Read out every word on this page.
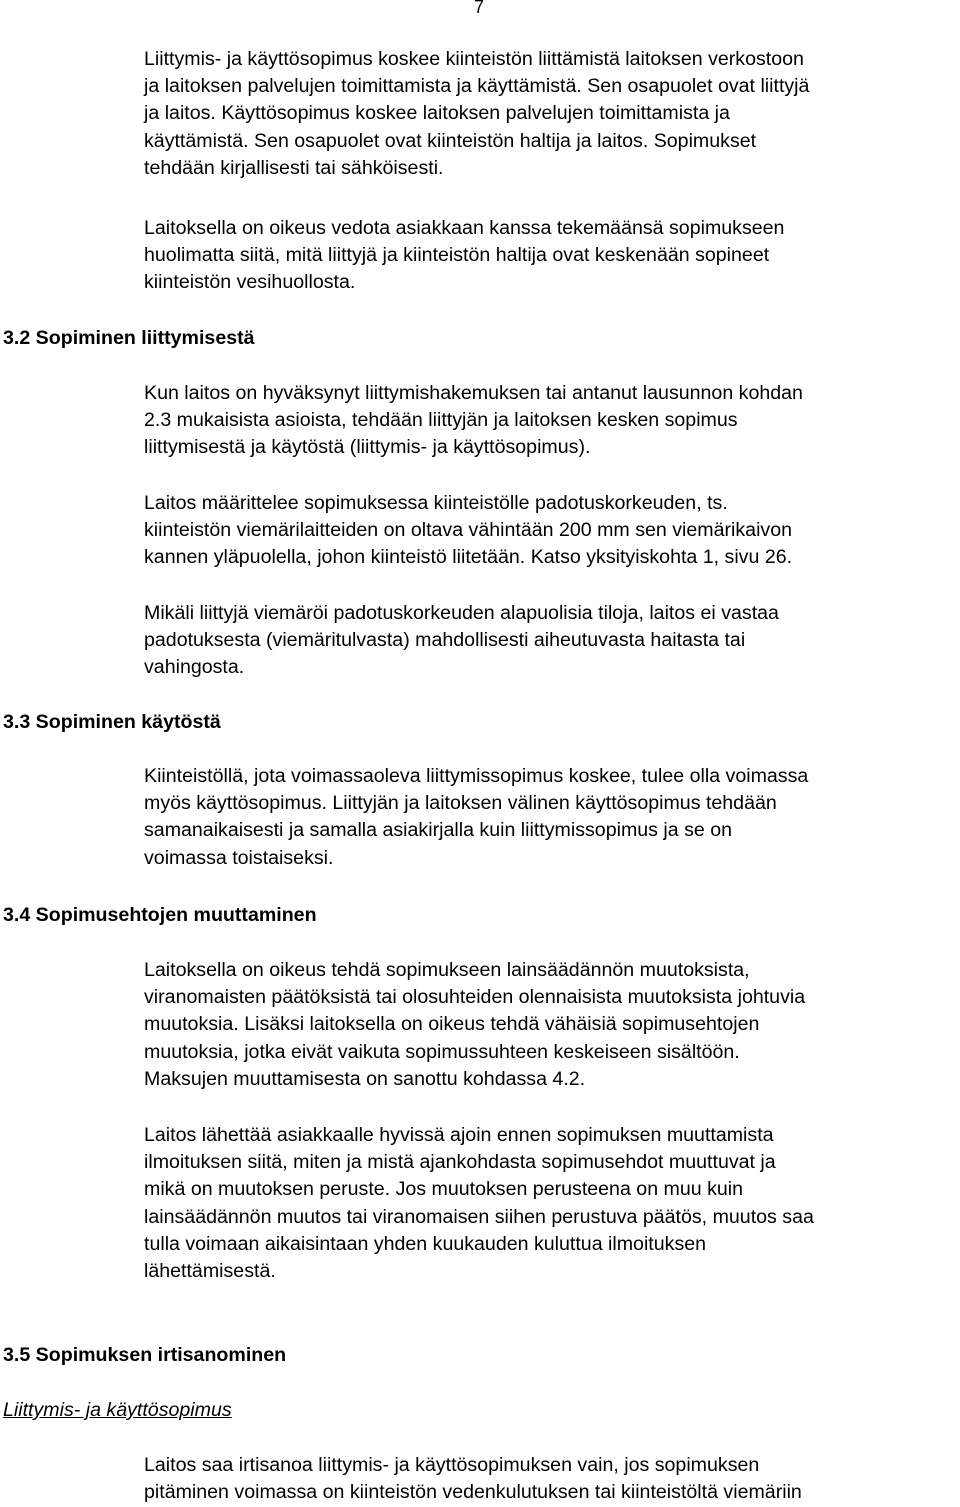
7

Liittymis- ja käyttösopimus koskee kiinteistön liittämistä laitoksen verkostoon
ja laitoksen palvelujen toimittamista ja käyttämistä. Sen osapuolet ovat liittyjä
ja laitos. Käyttösopimus koskee laitoksen palvelujen toimittamista ja
käyttämistä. Sen osapuolet ovat kiinteistön haltija ja laitos. Sopimukset
tehdään kirjallisesti tai sähköisesti.

Laitoksella on oikeus vedota asiakkaan kanssa tekemäänsä sopimukseen
huolimatta siitä, mitä liittyjä ja kiinteistön haltija ovat keskenään sopineet
kiinteistön vesihuollosta.

3.2 Sopiminen liittymisestä

Kun laitos on hyväksynyt liittymishakemuksen tai antanut lausunnon kohdan
2.3 mukaisista asioista, tehdään liittyjän ja laitoksen kesken sopimus
liittymisestä ja käytöstä (liittymis- ja käyttösopimus).

Laitos määrittelee sopimuksessa kiinteistölle padotuskorkeuden, ts.
kiinteistön viemärilaitteiden on oltava vähintään 200 mm sen viemärikaivon
kannen yläpuolella, johon kiinteistö liitetään. Katso yksityiskohta 1, sivu 26.

Mikäli liittyjä viemäröi padotuskorkeuden alapuolisia tiloja, laitos ei vastaa
padotuksesta (viemäritulvasta) mahdollisesti aiheutuvasta haitasta tai
vahingosta.

3.3 Sopiminen käytöstä

Kiinteistöllä, jota voimassaoleva liittymissopimus koskee, tulee olla voimassa
myös käyttösopimus. Liittyjän ja laitoksen välinen käyttösopimus tehdään
samanaikaisesti ja samalla asiakirjalla kuin liittymissopimus ja se on
voimassa toistaiseksi.

3.4 Sopimusehtojen muuttaminen

Laitoksella on oikeus tehdä sopimukseen lainsäädännön muutoksista,
viranomaisten päätöksistä tai olosuhteiden olennaisista muutoksista johtuvia
muutoksia. Lisäksi laitoksella on oikeus tehdä vähäisiä sopimusehtojen
muutoksia, jotka eivät vaikuta sopimussuhteen keskeiseen sisältöön.
Maksujen muuttamisesta on sanottu kohdassa 4.2.

Laitos lähettää asiakkaalle hyvissä ajoin ennen sopimuksen muuttamista
ilmoituksen siitä, miten ja mistä ajankohdasta sopimusehdot muuttuvat ja
mikä on muutoksen peruste. Jos muutoksen perusteena on muu kuin
lainsäädännön muutos tai viranomaisen siihen perustuva päätös, muutos saa
tulla voimaan aikaisintaan yhden kuukauden kuluttua ilmoituksen
lähettämisestä.

3.5 Sopimuksen irtisanominen
Liittymis- ja käyttösopimus

Laitos saa irtisanoa liittymis- ja käyttösopimuksen vain, jos sopimuksen
pitäminen voimassa on kiinteistön vedenkulutuksen tai kiinteistöltä viemäriin
